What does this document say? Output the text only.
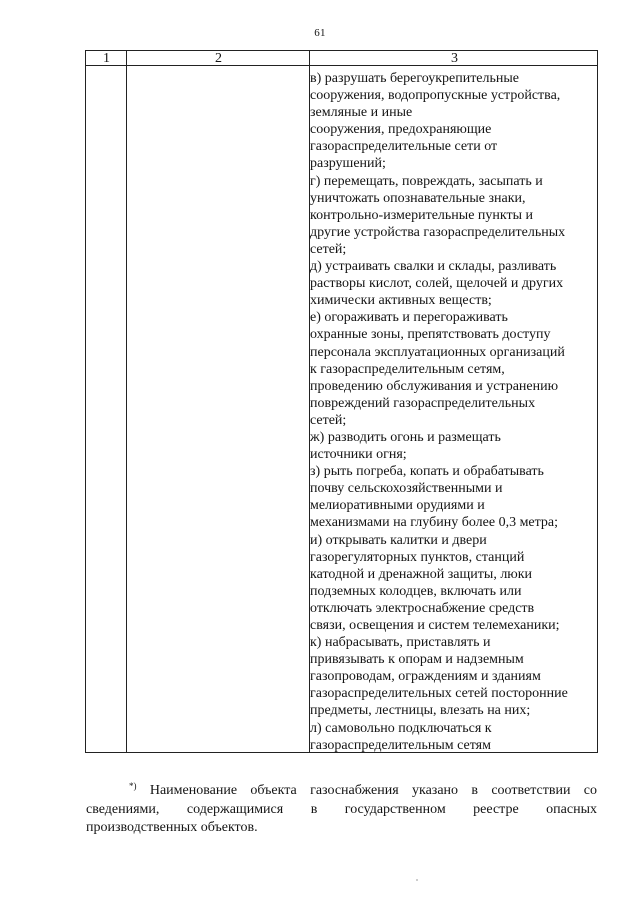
61
1	2	3
в) разрушать берегоукрепительные
сооружения, водопропускные устройства,
земляные и иные
сооружения, предохраняющие
газораспределительные сети от
разрушений;
г) перемещать, повреждать, засыпать и
уничтожать опознавательные знаки,
контрольно-измерительные пункты и
другие устройства газораспределительных
сетей;
д) устраивать свалки и склады, разливать
растворы кислот, солей, щелочей и других
химически активных веществ;
е) огораживать и перегораживать
охранные зоны, препятствовать доступу
персонала эксплуатационных организаций
к газораспределительным сетям,
проведению обслуживания и устранению
повреждений газораспределительных
сетей;
ж) разводить огонь и размещать
источники огня;
з) рыть погреба, копать и обрабатывать
почву сельскохозяйственными и
мелиоративными орудиями и
механизмами на глубину более 0,3 метра;
и) открывать калитки и двери
газорегуляторных пунктов, станций
катодной и дренажной защиты, люки
подземных колодцев, включать или
отключать электроснабжение средств
связи, освещения и систем телемеханики;
к) набрасывать, приставлять и
привязывать к опорам и надземным
газопроводам, ограждениям и зданиям
газораспределительных сетей посторонние
предметы, лестницы, влезать на них;
л) самовольно подключаться к
газораспределительным сетям
*) Наименование объекта газоснабжения указано в соответствии со
сведениями, содержащимися в государственном реестре опасных
производственных объектов.
